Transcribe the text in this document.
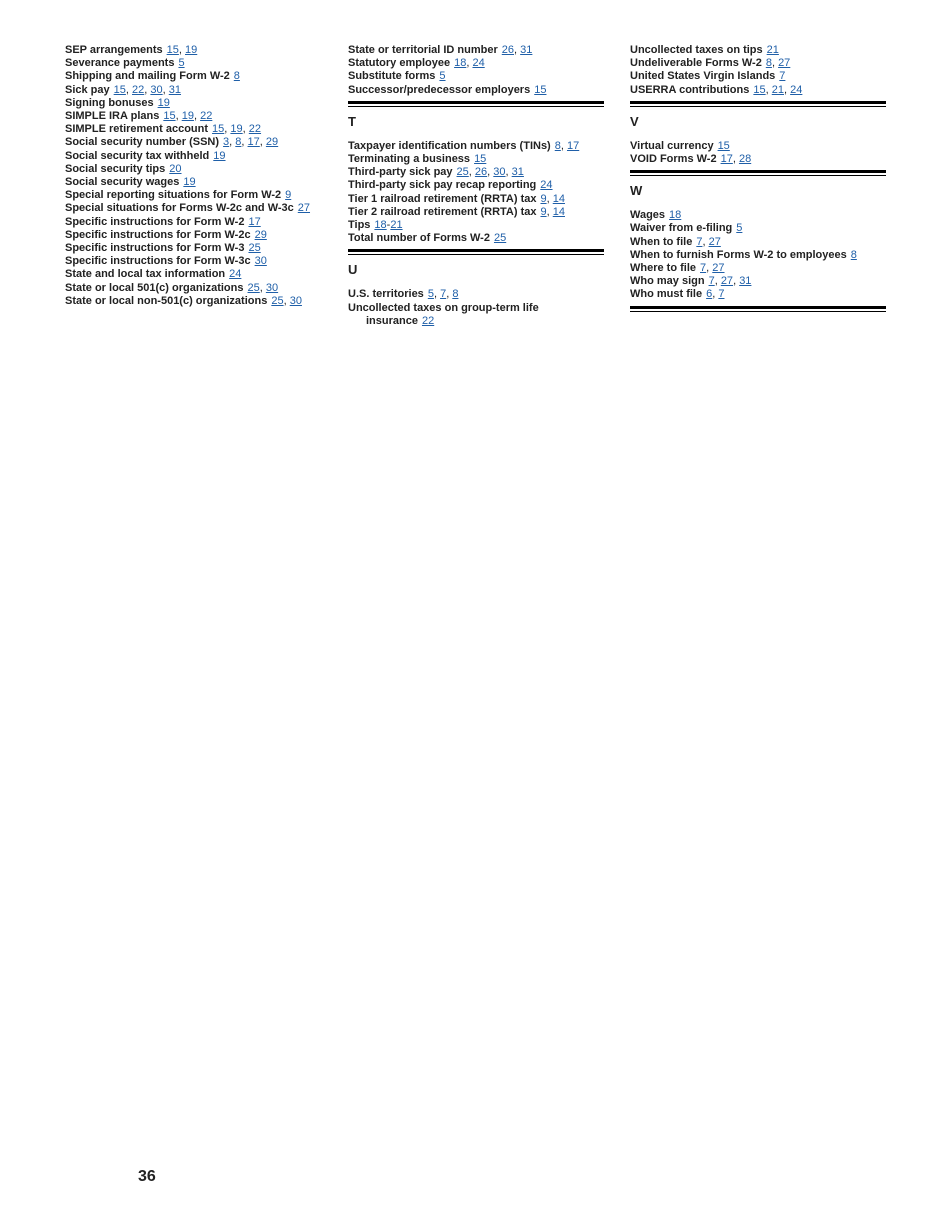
SEP arrangements 15, 19
Severance payments 5
Shipping and mailing Form W-2 8
Sick pay 15, 22, 30, 31
Signing bonuses 19
SIMPLE IRA plans 15, 19, 22
SIMPLE retirement account 15, 19, 22
Social security number (SSN) 3, 8, 17, 29
Social security tax withheld 19
Social security tips 20
Social security wages 19
Special reporting situations for Form W-2 9
Special situations for Forms W-2c and W-3c 27
Specific instructions for Form W-2 17
Specific instructions for Form W-2c 29
Specific instructions for Form W-3 25
Specific instructions for Form W-3c 30
State and local tax information 24
State or local 501(c) organizations 25, 30
State or local non-501(c) organizations 25, 30
State or territorial ID number 26, 31
Statutory employee 18, 24
Substitute forms 5
Successor/predecessor employers 15
T
Taxpayer identification numbers (TINs) 8, 17
Terminating a business 15
Third-party sick pay 25, 26, 30, 31
Third-party sick pay recap reporting 24
Tier 1 railroad retirement (RRTA) tax 9, 14
Tier 2 railroad retirement (RRTA) tax 9, 14
Tips 18-21
Total number of Forms W-2 25
U
U.S. territories 5, 7, 8
Uncollected taxes on group-term life insurance 22
Uncollected taxes on tips 21
Undeliverable Forms W-2 8, 27
United States Virgin Islands 7
USERRA contributions 15, 21, 24
V
Virtual currency 15
VOID Forms W-2 17, 28
W
Wages 18
Waiver from e-filing 5
When to file 7, 27
When to furnish Forms W-2 to employees 8
Where to file 7, 27
Who may sign 7, 27, 31
Who must file 6, 7
36
